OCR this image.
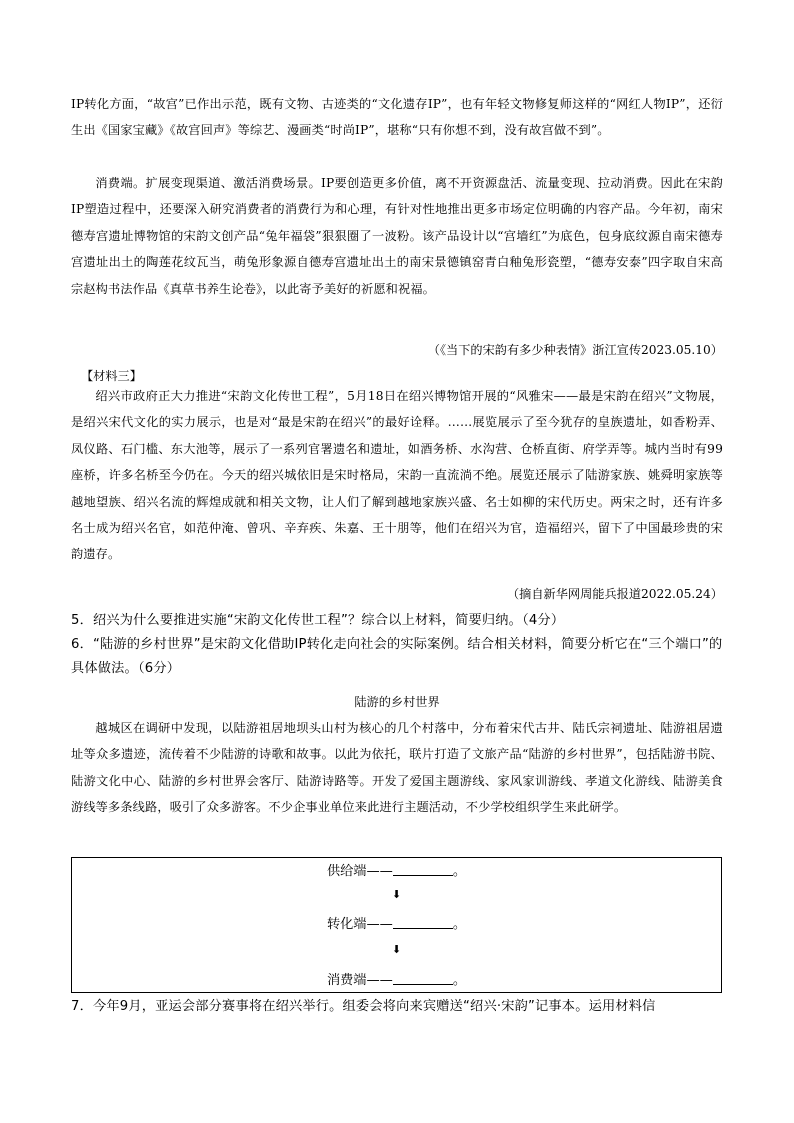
IP转化方面，“故宫”已作出示范，既有文物、古迹类的“文化遗存IP”，也有年轻文物修复师这样的“网红人物IP”，还衍生出《国家宝藏》《故宫回声》等综艺、漫画类“时尚IP”，堪称“只有你想不到，没有故宫做不到”。
消费端。扩展变现渠道、激活消费场景。IP要创造更多价值，离不开资源盘活、流量变现、拉动消费。因此在宋韵IP塑造过程中，还要深入研究消费者的消费行为和心理，有针对性地推出更多市场定位明确的内容产品。今年初，南宋德寿宫遗址博物馆的宋韵文创产品“兔年福袋”狠狠圈了一波粉。该产品设计以“宫墙红”为底色，包身底纹源自南宋德寿宫遗址出土的陶莲花纹瓦当，萌兔形象源自德寿宫遗址出土的南宋景德镇窑青白釉兔形瓷塑，“德寿安泰”四字取自宋高宗赵构书法作品《真草书养生论卷》，以此寄予美好的祈愿和祝福。
（《当下的宋韵有多少种表情》浙江宣传2023.05.10）
【材料三】
绍兴市政府正大力推进“宋韵文化传世工程”，5月18日在绍兴博物馆开展的“风雅宋——最是宋韵在绍兴”文物展，是绍兴宋代文化的实力展示，也是对“最是宋韵在绍兴”的最好诠释。……展览展示了至今犹存的皇族遗址，如香粉弄、凤仪路、石门槛、东大池等，展示了一系列官署遗名和遗址，如酒务桥、水沟营、仓桥直街、府学弄等。城内当时有99座桥，许多名桥至今仍在。今天的绍兴城依旧是宋时格局，宋韵一直流淌不绝。展览还展示了陆游家族、姚舜明家族等越地望族、绍兴名流的辉煌成就和相关文物，让人们了解到越地家族兴盛、名士如柳的宋代历史。两宋之时，还有许多名士成为绍兴名官，如范仲淹、曾巩、辛弃疾、朱嘉、王十朋等，他们在绍兴为官，造福绍兴，留下了中国最珍贵的宋韵遗存。
（摘自新华网周能兵报道2022.05.24）
5．绍兴为什么要推进实施“宋韵文化传世工程”？综合以上材料，简要归纳。（4分）
6．“陆游的乡村世界”是宋韵文化借助IP转化走向社会的实际案例。结合相关材料，简要分析它在“三个端口”的具体做法。（6分）
陆游的乡村世界
越城区在调研中发现，以陆游祖居地坝头山村为核心的几个村落中，分布着宋代古井、陆氏宗祠遗址、陆游祖居遗址等众多遗迹，流传着不少陆游的诗歌和故事。以此为依托，联片打造了文旅产品“陆游的乡村世界”，包括陆游书院、陆游文化中心、陆游的乡村世界会客厅、陆游诗路等。开发了爱国主题游线、家风家训游线、孝道文化游线、陆游美食游线等多条线路，吸引了众多游客。不少企事业单位来此进行主题活动，不少学校组织学生来此研学。
供给端——	。
⬇
转化端——	。
⬇
消费端——	。
7．今年9月，亚运会部分赛事将在绍兴举行。组委会将向来宾赠送“绍兴·宋韵”记事本。运用材料信
